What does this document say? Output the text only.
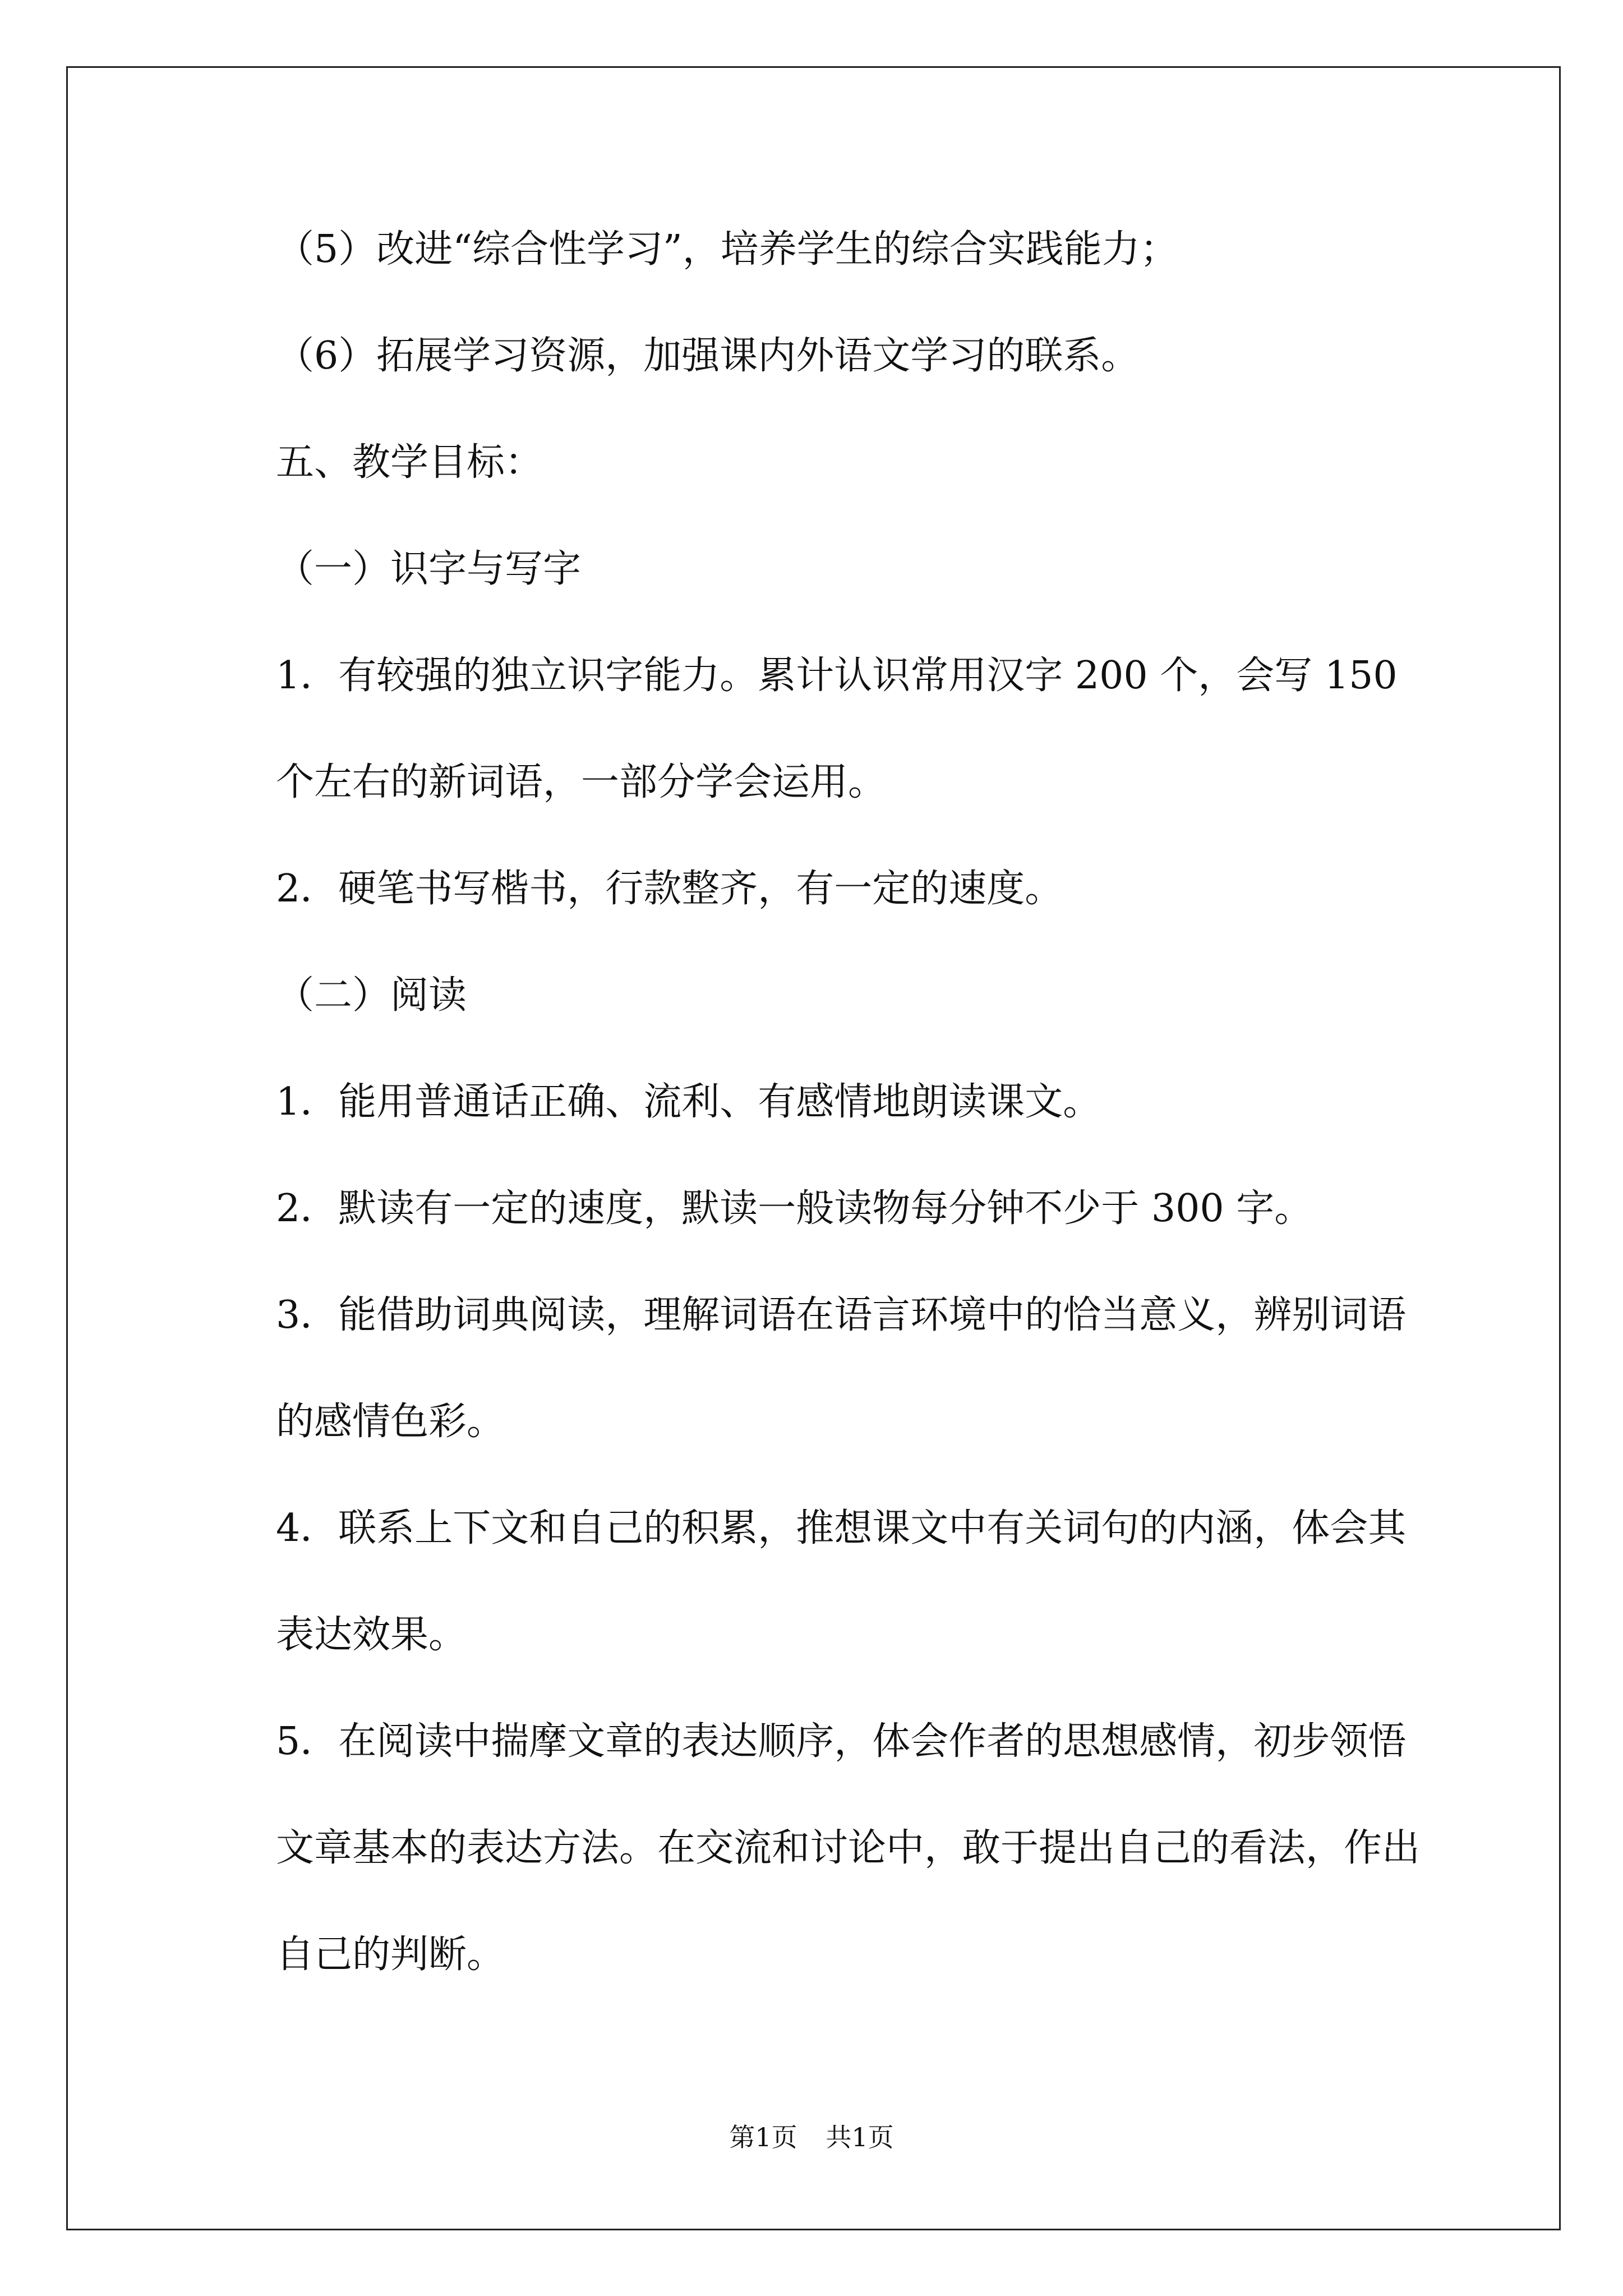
（5）改进“综合性学习”，培养学生的综合实践能力；

（6）拓展学习资源，加强课内外语文学习的联系。

五、教学目标：

（一）识字与写字

1．有较强的独立识字能力。累计认识常用汉字 200 个，会写 150 个左右的新词语，一部分学会运用。

2．硬笔书写楷书，行款整齐，有一定的速度。

（二）阅读

1．能用普通话正确、流利、有感情地朗读课文。

2．默读有一定的速度，默读一般读物每分钟不少于 300 字。

3．能借助词典阅读，理解词语在语言环境中的恰当意义，辨别词语的感情色彩。

4．联系上下文和自己的积累，推想课文中有关词句的内涵，体会其表达效果。

5．在阅读中揣摩文章的表达顺序，体会作者的思想感情，初步领悟文章基本的表达方法。在交流和讨论中，敢于提出自己的看法，作出自己的判断。

第1页 共1页
